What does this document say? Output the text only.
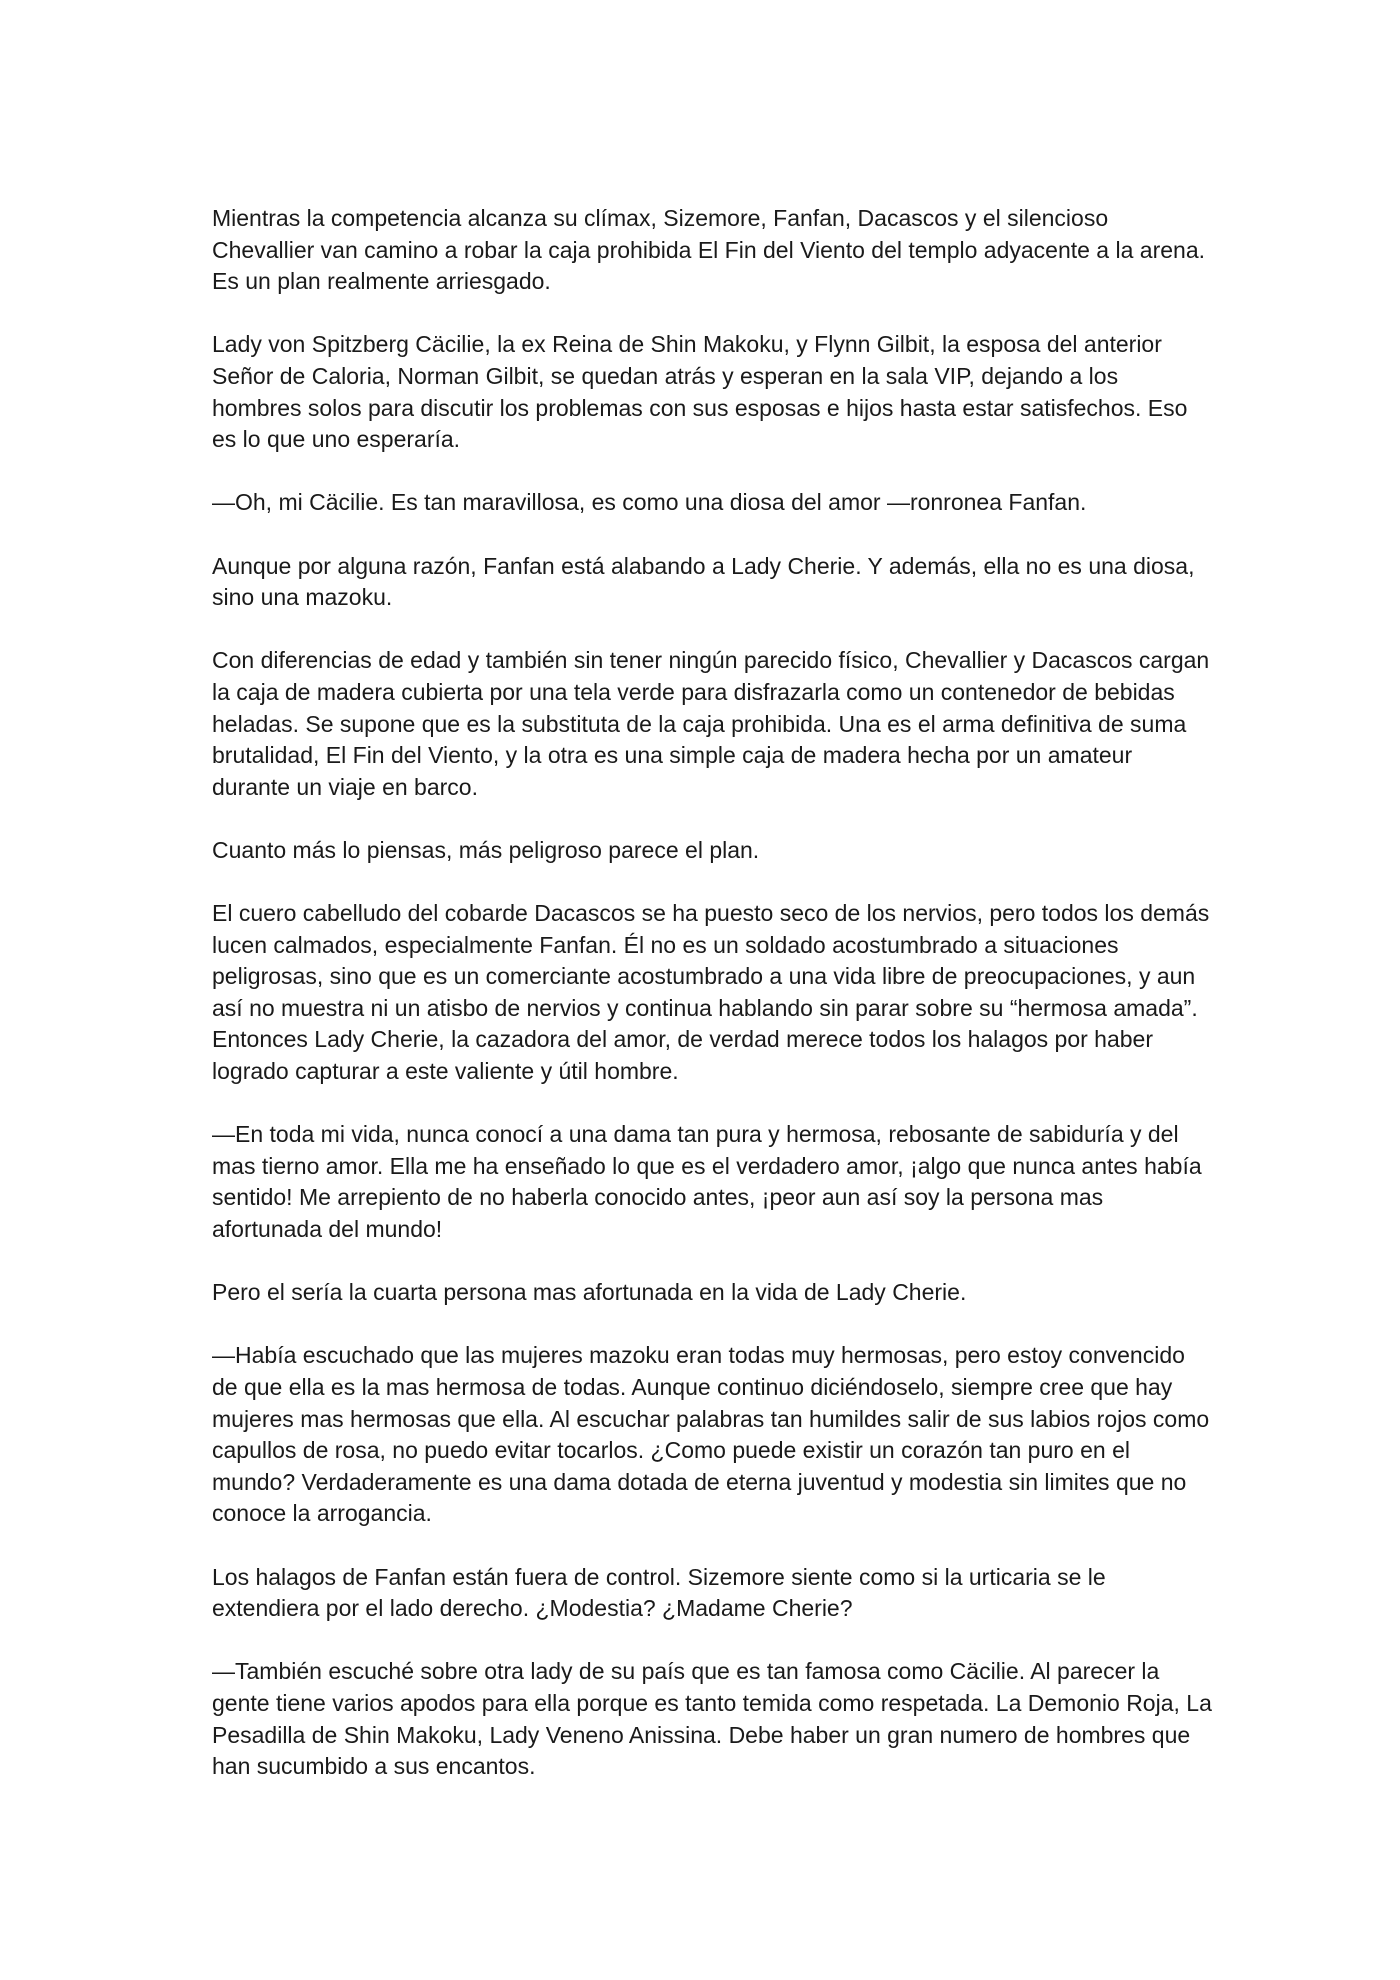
Mientras la competencia alcanza su clímax, Sizemore, Fanfan, Dacascos y el silencioso Chevallier van camino a robar la caja prohibida El Fin del Viento del templo adyacente a la arena. Es un plan realmente arriesgado.

Lady von Spitzberg Cäcilie, la ex Reina de Shin Makoku, y Flynn Gilbit, la esposa del anterior Señor de Caloria, Norman Gilbit, se quedan atrás y esperan en la sala VIP, dejando a los hombres solos para discutir los problemas con sus esposas e hijos hasta estar satisfechos. Eso es lo que uno esperaría.

—Oh, mi Cäcilie. Es tan maravillosa, es como una diosa del amor —ronronea Fanfan.

Aunque por alguna razón, Fanfan está alabando a Lady Cherie. Y además, ella no es una diosa, sino una mazoku.

Con diferencias de edad y también sin tener ningún parecido físico, Chevallier y Dacascos cargan la caja de madera cubierta por una tela verde para disfrazarla como un contenedor de bebidas heladas. Se supone que es la substituta de la caja prohibida. Una es el arma definitiva de suma brutalidad, El Fin del Viento, y la otra es una simple caja de madera hecha por un amateur durante un viaje en barco.

Cuanto más lo piensas, más peligroso parece el plan.

El cuero cabelludo del cobarde Dacascos se ha puesto seco de los nervios, pero todos los demás lucen calmados, especialmente Fanfan. Él no es un soldado acostumbrado a situaciones peligrosas, sino que es un comerciante acostumbrado a una vida libre de preocupaciones, y aun así no muestra ni un atisbo de nervios y continua hablando sin parar sobre su “hermosa amada”. Entonces Lady Cherie, la cazadora del amor, de verdad merece todos los halagos por haber logrado capturar a este valiente y útil hombre.

—En toda mi vida, nunca conocí a una dama tan pura y hermosa, rebosante de sabiduría y del mas tierno amor. Ella me ha enseñado lo que es el verdadero amor, ¡algo que nunca antes había sentido! Me arrepiento de no haberla conocido antes, ¡peor aun así soy la persona mas afortunada del mundo!

Pero el sería la cuarta persona mas afortunada en la vida de Lady Cherie.

—Había escuchado que las mujeres mazoku eran todas muy hermosas, pero estoy convencido de que ella es la mas hermosa de todas. Aunque continuo diciéndoselo, siempre cree que hay mujeres mas hermosas que ella. Al escuchar palabras tan humildes salir de sus labios rojos como capullos de rosa, no puedo evitar tocarlos. ¿Como puede existir un corazón tan puro en el mundo? Verdaderamente es una dama dotada de eterna juventud y modestia sin limites que no conoce la arrogancia.

Los halagos de Fanfan están fuera de control. Sizemore siente como si la urticaria se le extendiera por el lado derecho. ¿Modestia? ¿Madame Cherie?

—También escuché sobre otra lady de su país que es tan famosa como Cäcilie. Al parecer la gente tiene varios apodos para ella porque es tanto temida como respetada. La Demonio Roja, La Pesadilla de Shin Makoku, Lady Veneno Anissina. Debe haber un gran numero de hombres que han sucumbido a sus encantos.
